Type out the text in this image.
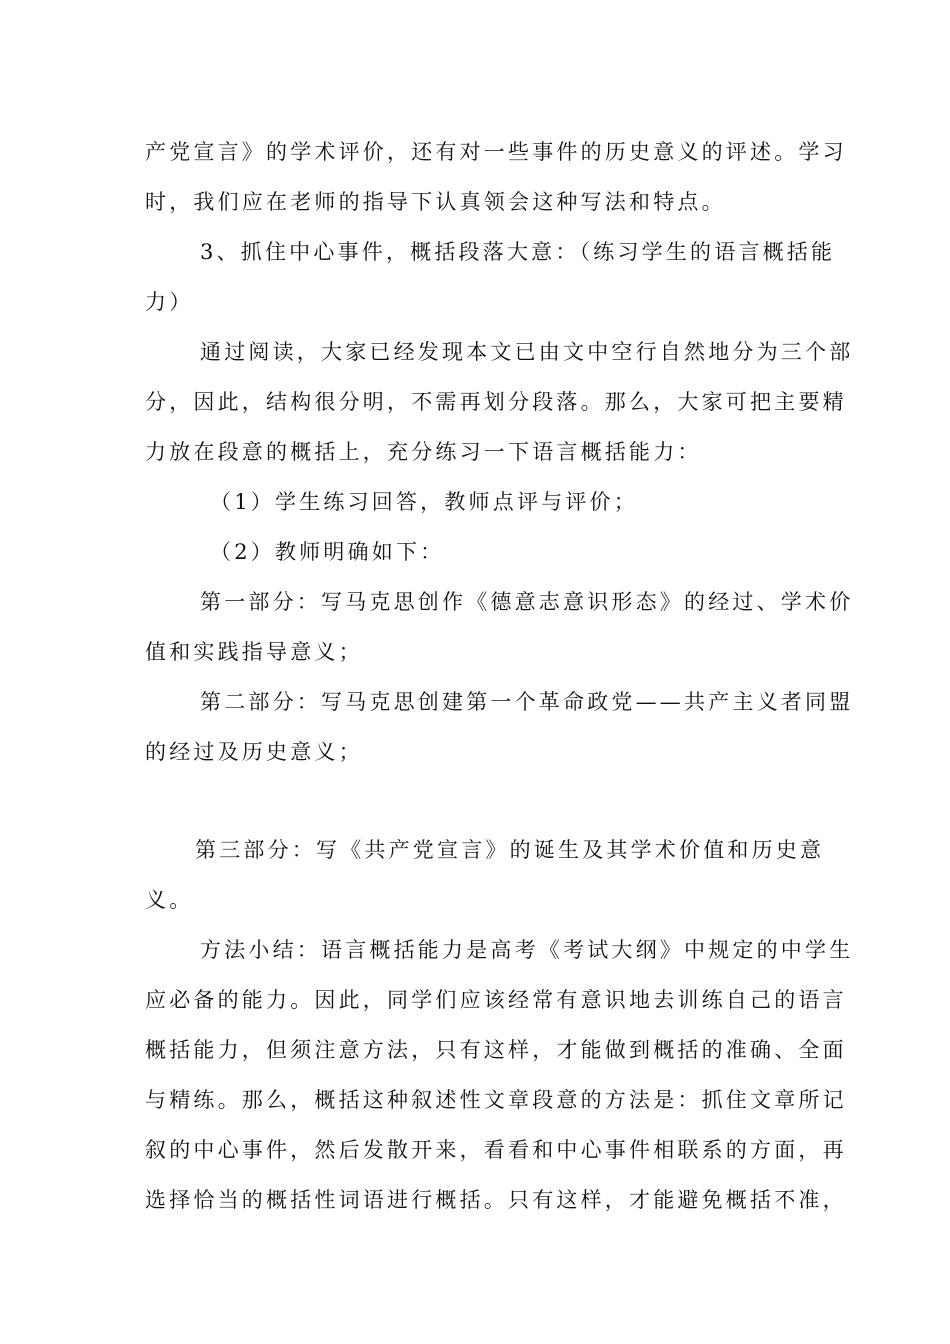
产党宣言》的学术评价，还有对一些事件的历史意义的评述。学习
时，我们应在老师的指导下认真领会这种写法和特点。
3、抓住中心事件，概括段落大意：（练习学生的语言概括能
力）
通过阅读，大家已经发现本文已由文中空行自然地分为三个部
分，因此，结构很分明，不需再划分段落。那么，大家可把主要精
力放在段意的概括上，充分练习一下语言概括能力：
（1）学生练习回答，教师点评与评价；
（2）教师明确如下：
第一部分：写马克思创作《德意志意识形态》的经过、学术价
值和实践指导意义；
第二部分：写马克思创建第一个革命政党——共产主义者同盟
的经过及历史意义；
第三部分：写《共产党宣言》的诞生及其学术价值和历史意
义。
方法小结：语言概括能力是高考《考试大纲》中规定的中学生
应必备的能力。因此，同学们应该经常有意识地去训练自己的语言
概括能力，但须注意方法，只有这样，才能做到概括的准确、全面
与精练。那么，概括这种叙述性文章段意的方法是：抓住文章所记
叙的中心事件，然后发散开来，看看和中心事件相联系的方面，再
选择恰当的概括性词语进行概括。只有这样，才能避免概括不准，
